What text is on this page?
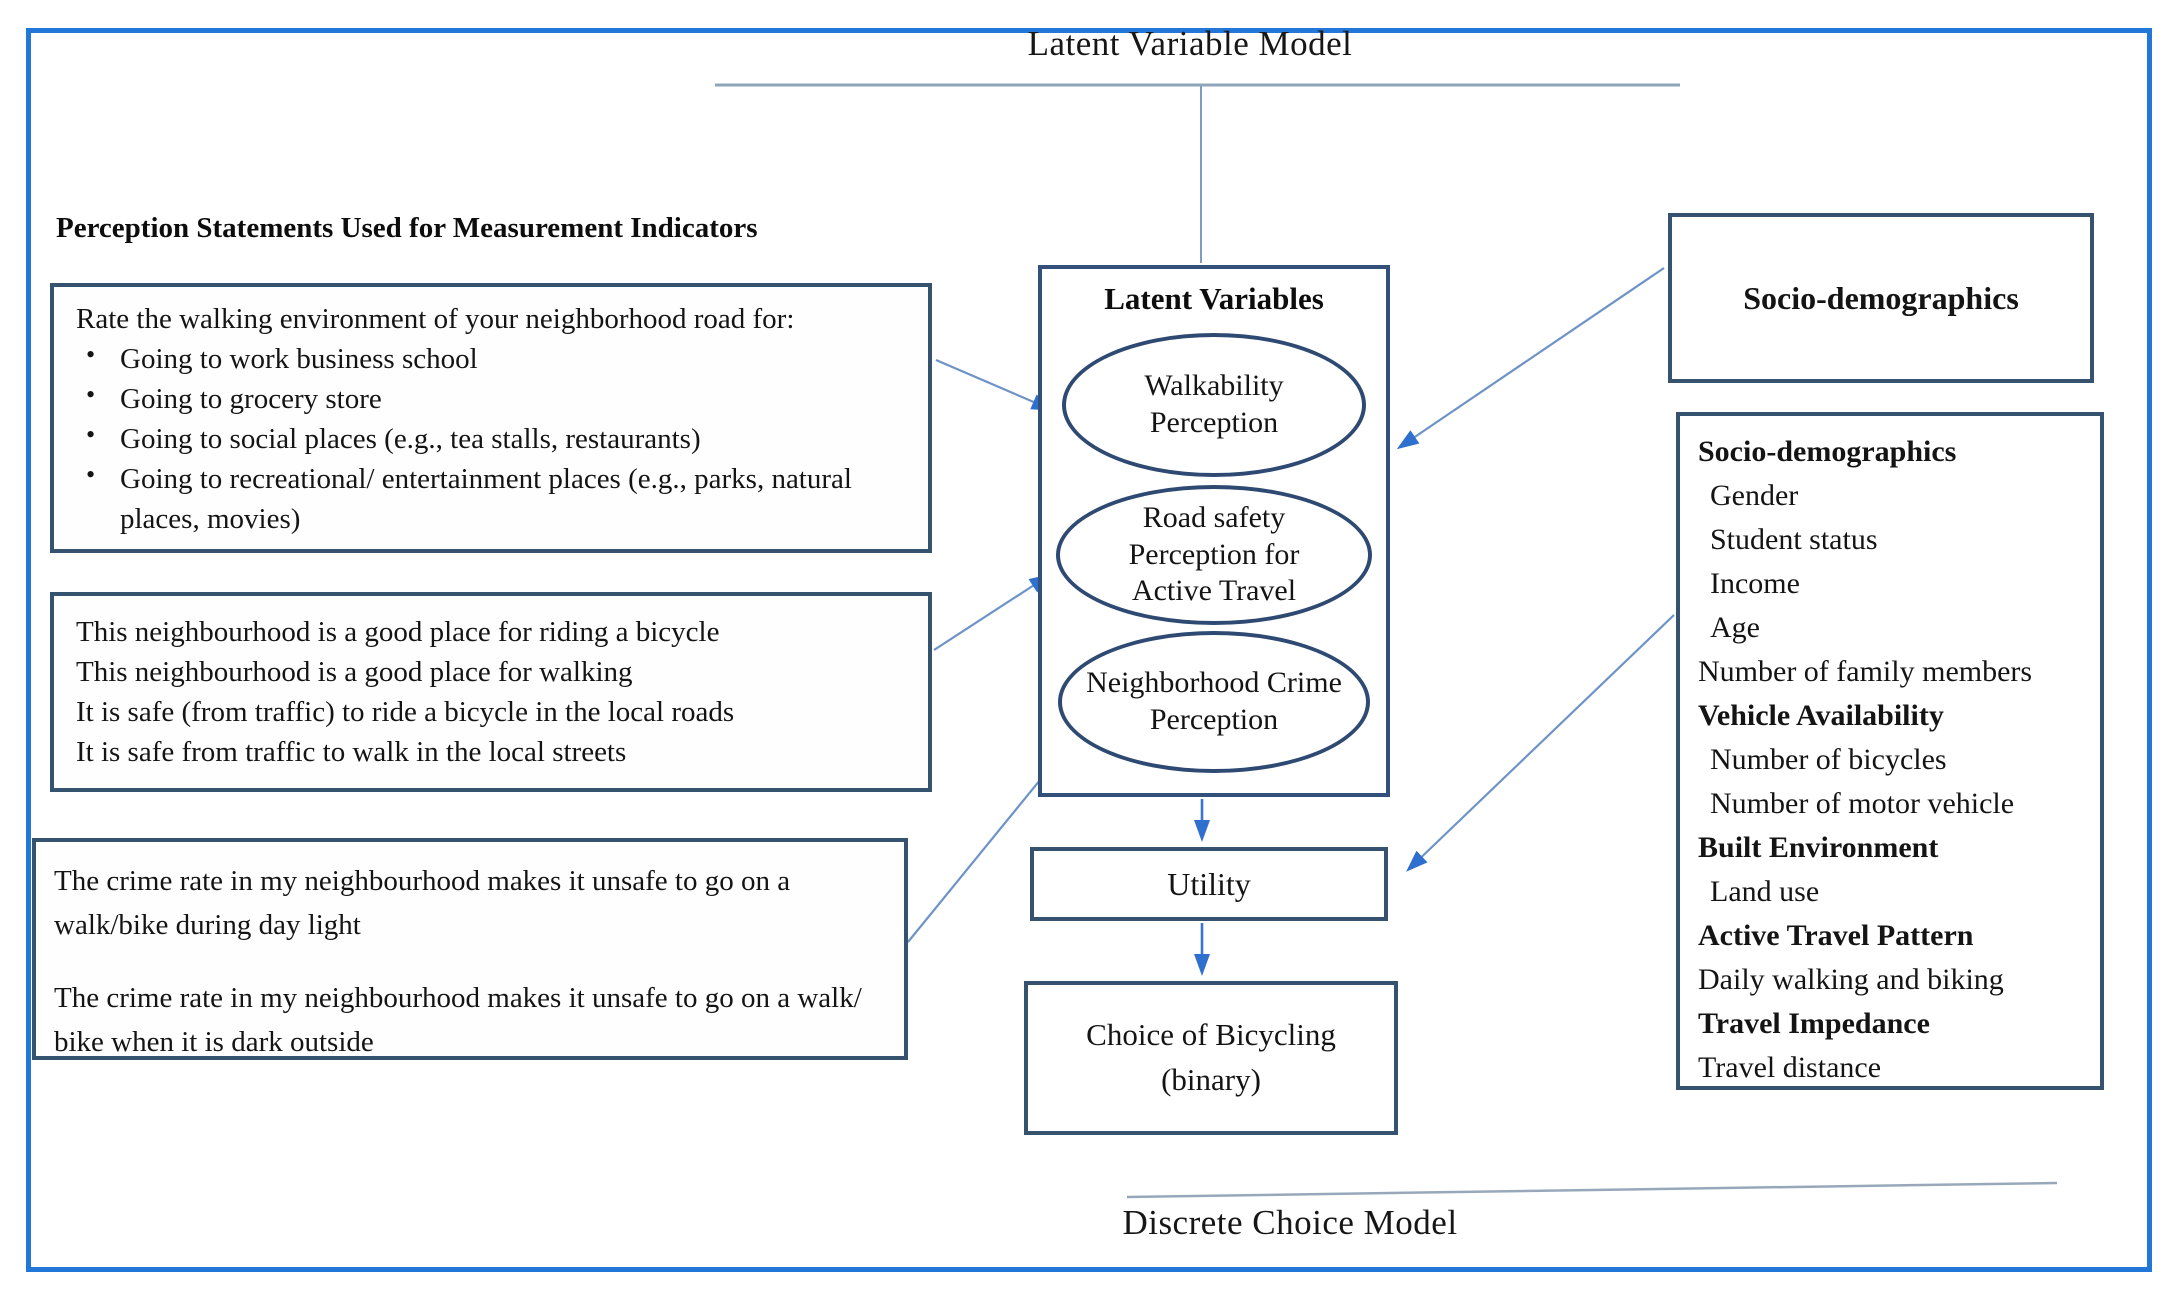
Latent Variable Model
Discrete Choice Model
Perception Statements Used for Measurement Indicators
Rate the walking environment of your neighborhood road for:
• Going to work business school
• Going to grocery store
• Going to social places (e.g., tea stalls, restaurants)
• Going to recreational/ entertainment places (e.g., parks, natural places, movies)
This neighbourhood is a good place for riding a bicycle
This neighbourhood is a good place for walking
It is safe (from traffic) to ride a bicycle in the local roads
It is safe from traffic to walk in the local streets
The crime rate in my neighbourhood makes it unsafe to go on a walk/bike during day light
The crime rate in my neighbourhood makes it unsafe to go on a walk/ bike when it is dark outside
Latent Variables
Walkability Perception
Road safety Perception for Active Travel
Neighborhood Crime Perception
Utility
Choice of Bicycling
(binary)
Socio-demographics
Socio-demographics
Gender
Student status
Income
Age
Number of family members
Vehicle Availability
Number of bicycles
Number of motor vehicle
Built Environment
Land use
Active Travel Pattern
Daily walking and biking
Travel Impedance
Travel distance
